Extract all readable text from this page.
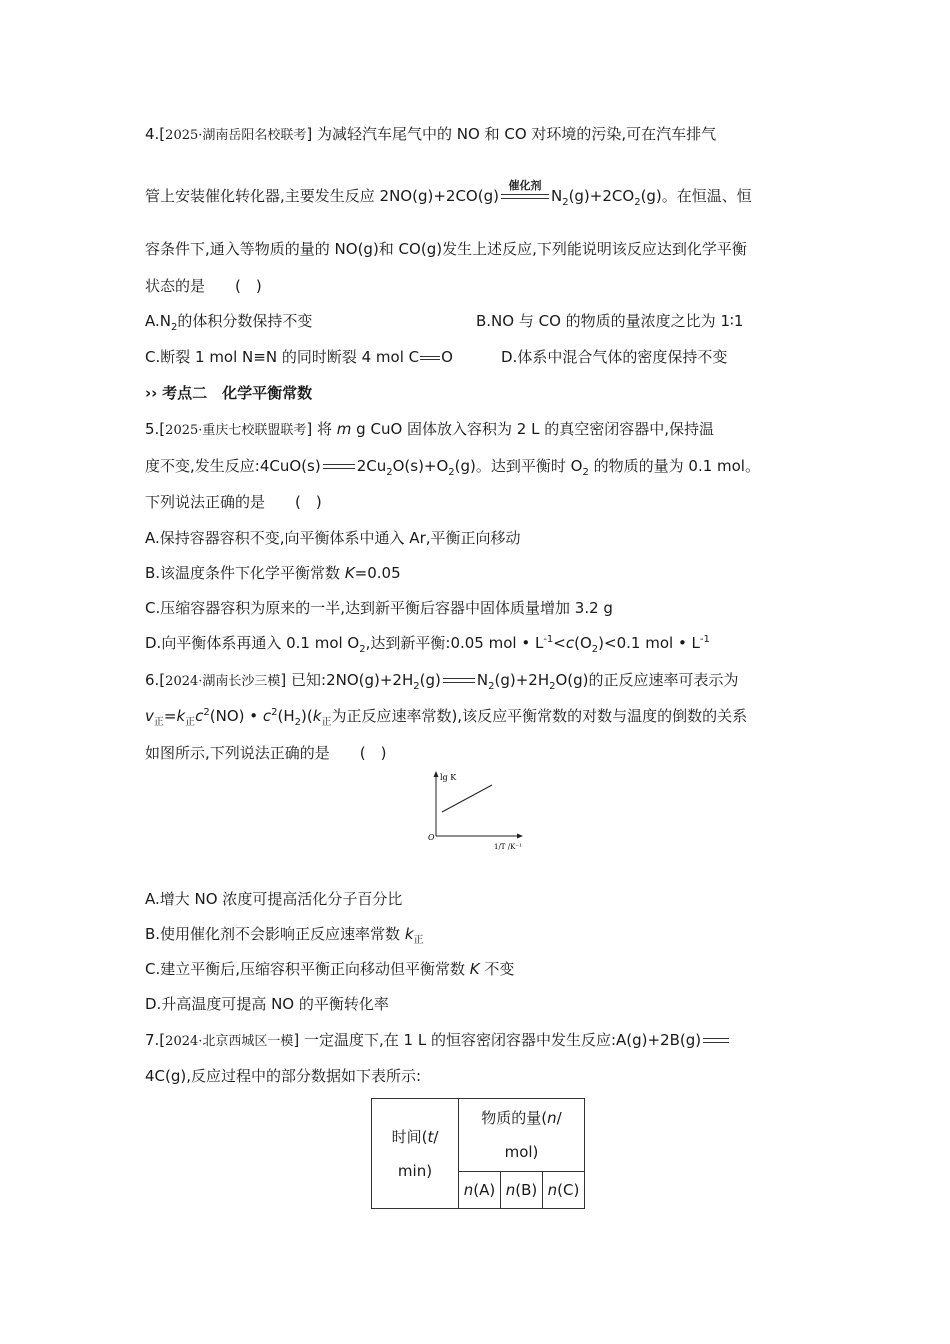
4.[2025·湖南岳阳名校联考] 为减轻汽车尾气中的 NO 和 CO 对环境的污染,可在汽车排气
管上安装催化转化器,主要发生反应 2NO(g)+2CO(g)
催化剂
$N_2(g)+2CO_2(g)$。在恒温、恒
容条件下,通入等物质的量的 NO(g)和 CO(g)发生上述反应,下列能说明该反应达到化学平衡
状态的是　　(　)
$A.N_2$的体积分数保持不变	B.NO 与 CO 的物质的量浓度之比为 1∶1
C.断裂 1 mol N≡N 的同时断裂 4 mol C O	D.体系中混合气体的密度保持不变
›› 考点二　化学平衡常数
5.[2025·重庆七校联盟联考] 将 m g CuO 固体放入容积为 2 L 的真空密闭容器中,保持温
度不变,发生反应:4CuO(s) $2Cu_2O(s)+O_2(g)$。达到平衡时 $O_2$ 的物质的量为 0.1 mol。
下列说法正确的是　　(　)
A.保持容器容积不变,向平衡体系中通入 Ar,平衡正向移动
B.该温度条件下化学平衡常数 K=0.05
C.压缩容器容积为原来的一半,达到新平衡后容器中固体质量增加 3.2 g
D.向平衡体系再通入 0.1 mol $O_2$,达到新平衡:0.05 mol • $L^{-1}<c(O_2)<0.1$ mol • $L^{-1}$
6.[2024·湖南长沙三模] 已知$:2NO(g)+2H_2(g)$ $N_2(g)+2H_2O(g)$的正反应速率可表示为
$v_正=k_正c^2(NO)$ • $c^2(H_2)(k_正$为正反应速率常数),该反应平衡常数的对数与温度的倒数的关系
如图所示,下列说法正确的是　　(　)
lg K
O
1/T /K⁻¹
A.增大 NO 浓度可提高活化分子百分比
B.使用催化剂不会影响正反应速率常数 $k_正$
C.建立平衡后,压缩容积平衡正向移动但平衡常数 K 不变
D.升高温度可提高 NO 的平衡转化率
7.[2024·北京西城区一模] 一定温度下,在 1 L 的恒容密闭容器中发生反应:A(g)+2B(g)
4C(g),反应过程中的部分数据如下表所示:
时间(t/
min)	物质的量(n/
mol)		
	n(A)	n(B)	n(C)
